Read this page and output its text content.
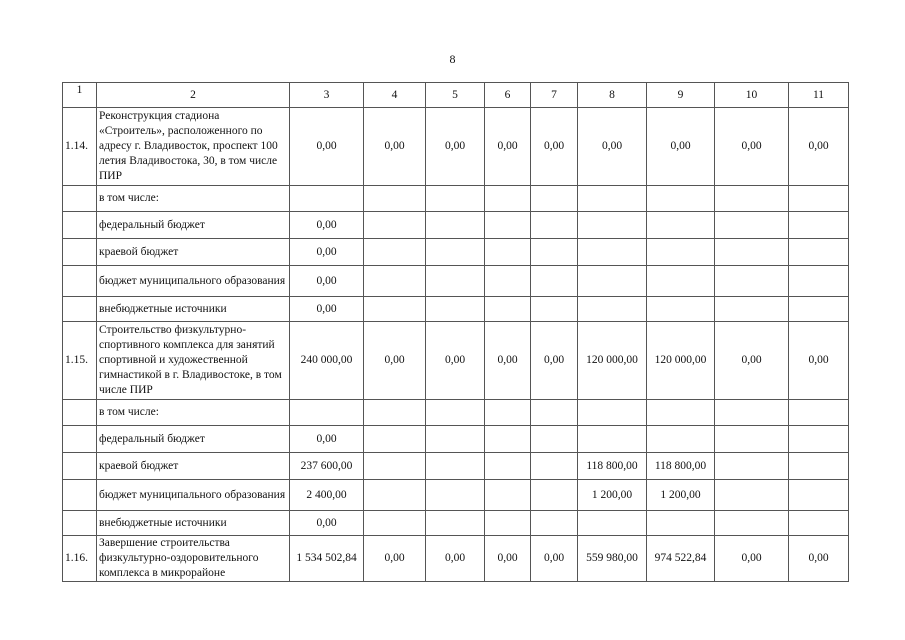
8
1	2	3	4	5	6	7	8	9	10	11
1.14.	Реконструкция стадиона «Строитель», расположенного по адресу г. Владивосток, проспект 100 летия Владивостока, 30, в том числе ПИР	0,00	0,00	0,00	0,00	0,00	0,00	0,00	0,00	0,00
	в том числе:									
	федеральный бюджет	0,00								
	краевой бюджет	0,00								
	бюджет муниципального образования	0,00								
	внебюджетные источники	0,00								
1.15.	Строительство физкультурно-спортивного комплекса для занятий спортивной и художественной гимнастикой в г. Владивостоке, в том числе ПИР	240 000,00	0,00	0,00	0,00	0,00	120 000,00	120 000,00	0,00	0,00
	в том числе:									
	федеральный бюджет	0,00								
	краевой бюджет	237 600,00					118 800,00	118 800,00		
	бюджет муниципального образования	2 400,00					1 200,00	1 200,00		
	внебюджетные источники	0,00								
1.16.	Завершение строительства физкультурно-оздоровительного комплекса в микрорайоне	1 534 502,84	0,00	0,00	0,00	0,00	559 980,00	974 522,84	0,00	0,00
